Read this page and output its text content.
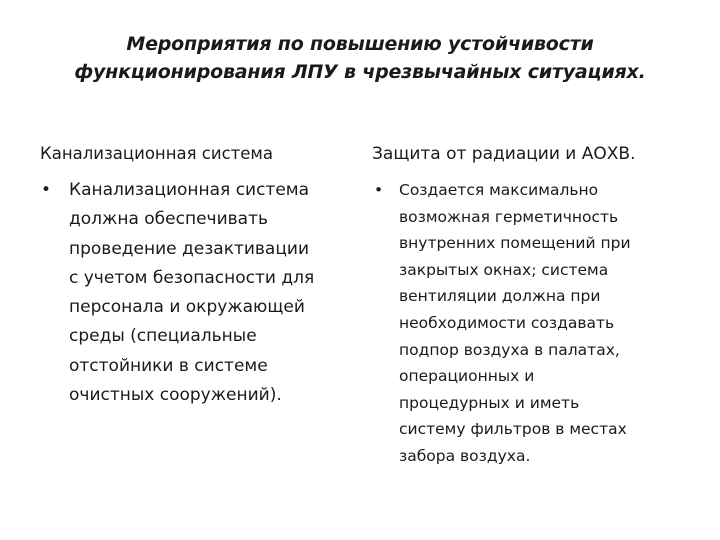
Мероприятия по повышению устойчивости
функционирования ЛПУ в чрезвычайных ситуациях.
Канализационная система	Защита от радиации и АОХВ.
• Канализационная система
должна обеспечивать
проведение дезактивации
с учетом безопасности для
персонала и окружающей
среды (специальные
отстойники в системе
очистных сооружений).
• Создается максимально
возможная герметичность
внутренних помещений при
закрытых окнах; система
вентиляции должна при
необходимости создавать
подпор воздуха в палатах,
операционных и
процедурных и иметь
систему фильтров в местах
забора воздуха.
